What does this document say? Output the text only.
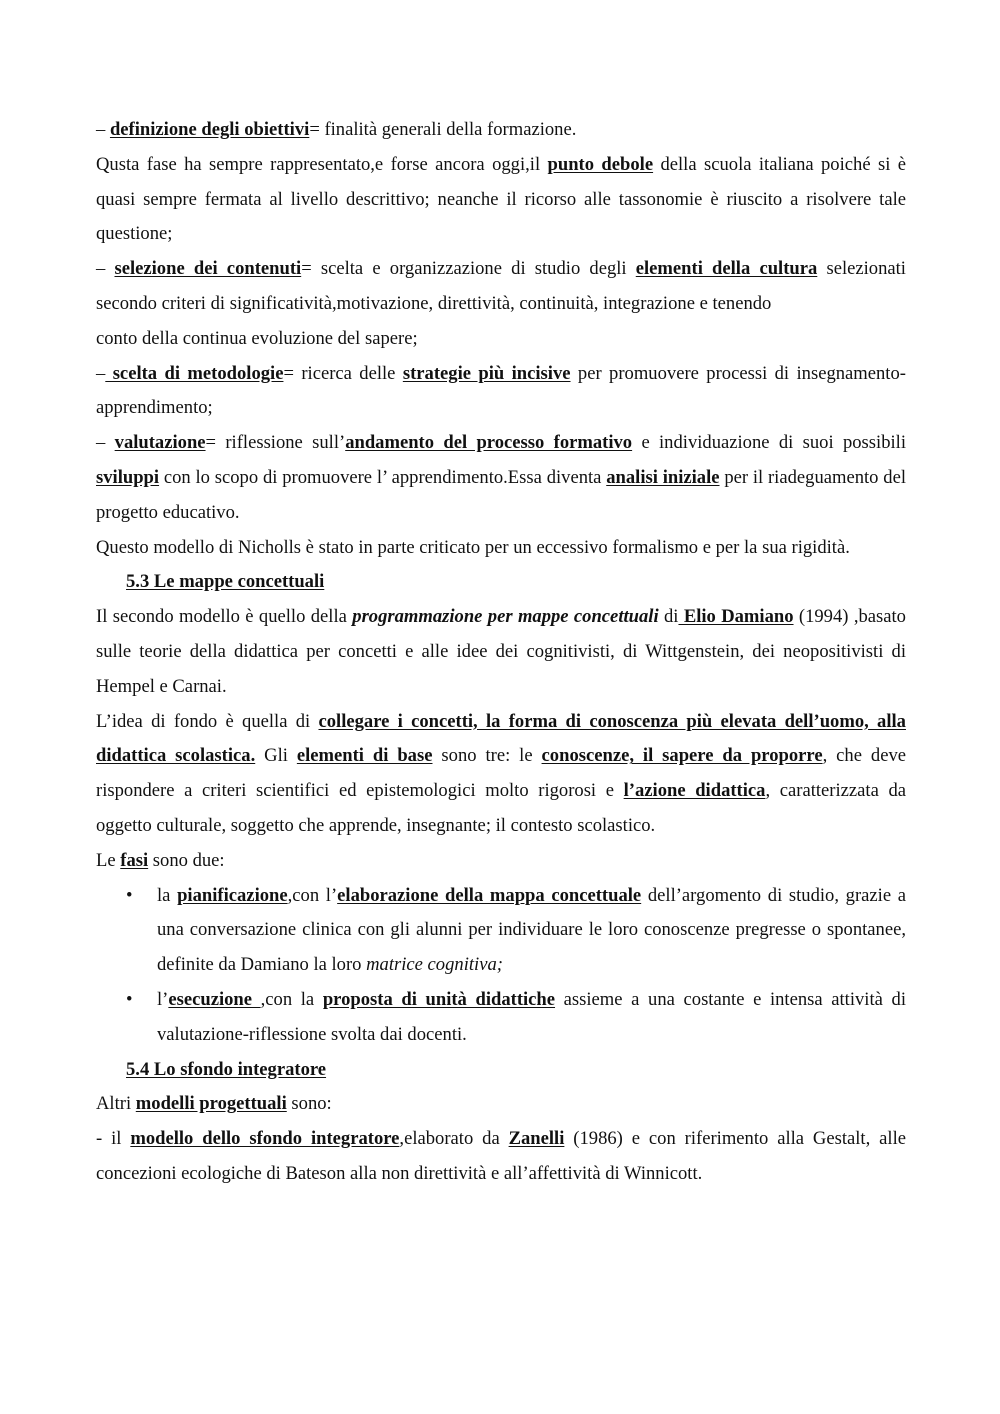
– definizione degli obiettivi= finalità generali della formazione.

Qusta fase ha sempre rappresentato,e forse ancora oggi,il punto debole della scuola italiana poiché si è quasi sempre fermata al livello descrittivo; neanche il ricorso alle tassonomie è riuscito a risolvere tale questione;

– selezione dei contenuti= scelta e organizzazione di studio degli elementi della cultura selezionati secondo criteri di significatività,motivazione, direttività, continuità, integrazione e tenendo

conto della continua evoluzione del sapere;

– scelta di metodologie= ricerca delle strategie più incisive per promuovere processi di insegnamento-apprendimento;

– valutazione= riflessione sull’andamento del processo formativo e individuazione di suoi possibili sviluppi con lo scopo di promuovere l’ apprendimento.Essa diventa analisi iniziale per il riadeguamento del progetto educativo.

Questo modello di Nicholls è stato in parte criticato per un eccessivo formalismo e per la sua rigidità.

5.3 Le mappe concettuali

Il secondo modello è quello della programmazione per mappe concettuali di Elio Damiano (1994) ,basato sulle teorie della didattica per concetti e alle idee dei cognitivisti, di Wittgenstein, dei neopositivisti di Hempel e Carnai.

L’idea di fondo è quella di collegare i concetti, la forma di conoscenza più elevata dell’uomo, alla didattica scolastica. Gli elementi di base sono tre: le conoscenze, il sapere da proporre, che deve rispondere a criteri scientifici ed epistemologici molto rigorosi e l’azione didattica, caratterizzata da oggetto culturale, soggetto che apprende, insegnante; il contesto scolastico.

Le fasi sono due:

• la pianificazione,con l’elaborazione della mappa concettuale dell’argomento di studio, grazie a una conversazione clinica con gli alunni per individuare le loro conoscenze pregresse o spontanee, definite da Damiano la loro matrice cognitiva;
• l’esecuzione ,con la proposta di unità didattiche assieme a una costante e intensa attività di valutazione-riflessione svolta dai docenti.

5.4 Lo sfondo integratore

Altri modelli progettuali sono:

- il modello dello sfondo integratore,elaborato da Zanelli (1986) e con riferimento alla Gestalt, alle concezioni ecologiche di Bateson alla non direttività e all’affettività di Winnicott.
